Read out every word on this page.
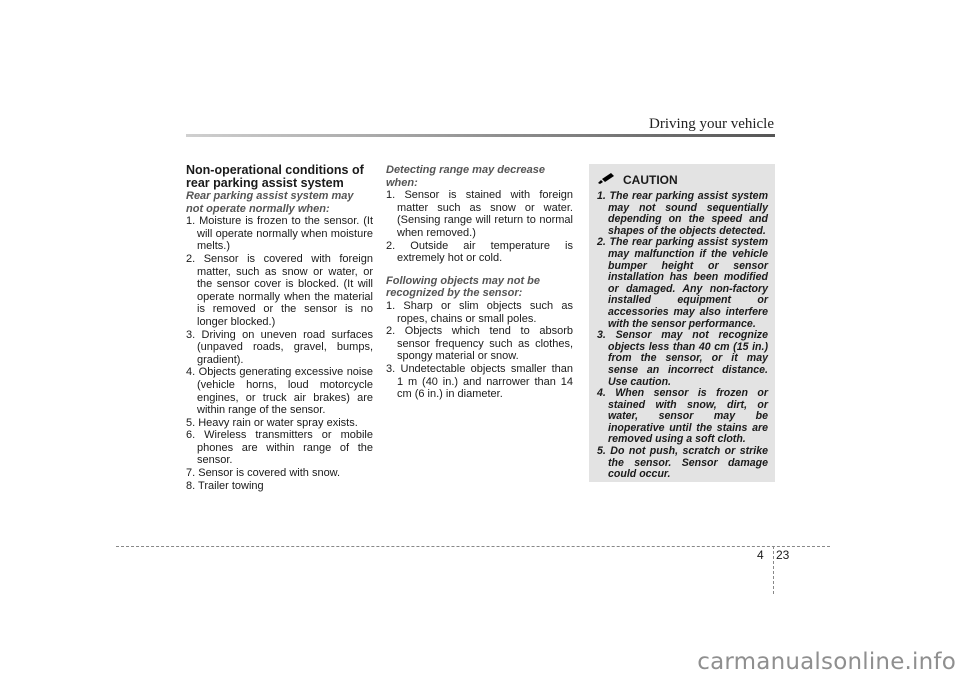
Driving your vehicle

Non-operational conditions of rear parking assist system

Rear parking assist system may not operate normally when:

1. Moisture is frozen to the sensor. (It will operate normally when moisture melts.)
2. Sensor is covered with foreign matter, such as snow or water, or the sensor cover is blocked. (It will operate normally when the material is removed or the sensor is no longer blocked.)
3. Driving on uneven road surfaces (unpaved roads, gravel, bumps, gradient).
4. Objects generating excessive noise (vehicle horns, loud motorcycle engines, or truck air brakes) are within range of the sensor.
5. Heavy rain or water spray exists.
6. Wireless transmitters or mobile phones are within range of the sensor.
7. Sensor is covered with snow.
8. Trailer towing

Detecting range may decrease when:

1. Sensor is stained with foreign matter such as snow or water. (Sensing range will return to normal when removed.)
2. Outside air temperature is extremely hot or cold.

Following objects may not be recognized by the sensor:

1. Sharp or slim objects such as ropes, chains or small poles.
2. Objects which tend to absorb sensor frequency such as clothes, spongy material or snow.
3. Undetectable objects smaller than 1 m (40 in.) and narrower than 14 cm (6 in.) in diameter.
CAUTION
1. The rear parking assist system may not sound sequentially depending on the speed and shapes of the objects detected.
2. The rear parking assist system may malfunction if the vehicle bumper height or sensor installation has been modified or damaged. Any non-factory installed equipment or accessories may also interfere with the sensor performance.
3. Sensor may not recognize objects less than 40 cm (15 in.) from the sensor, or it may sense an incorrect distance. Use caution.
4. When sensor is frozen or stained with snow, dirt, or water, sensor may be inoperative until the stains are removed using a soft cloth.
5. Do not push, scratch or strike the sensor. Sensor damage could occur.
4 23
carmanualsonline.info
